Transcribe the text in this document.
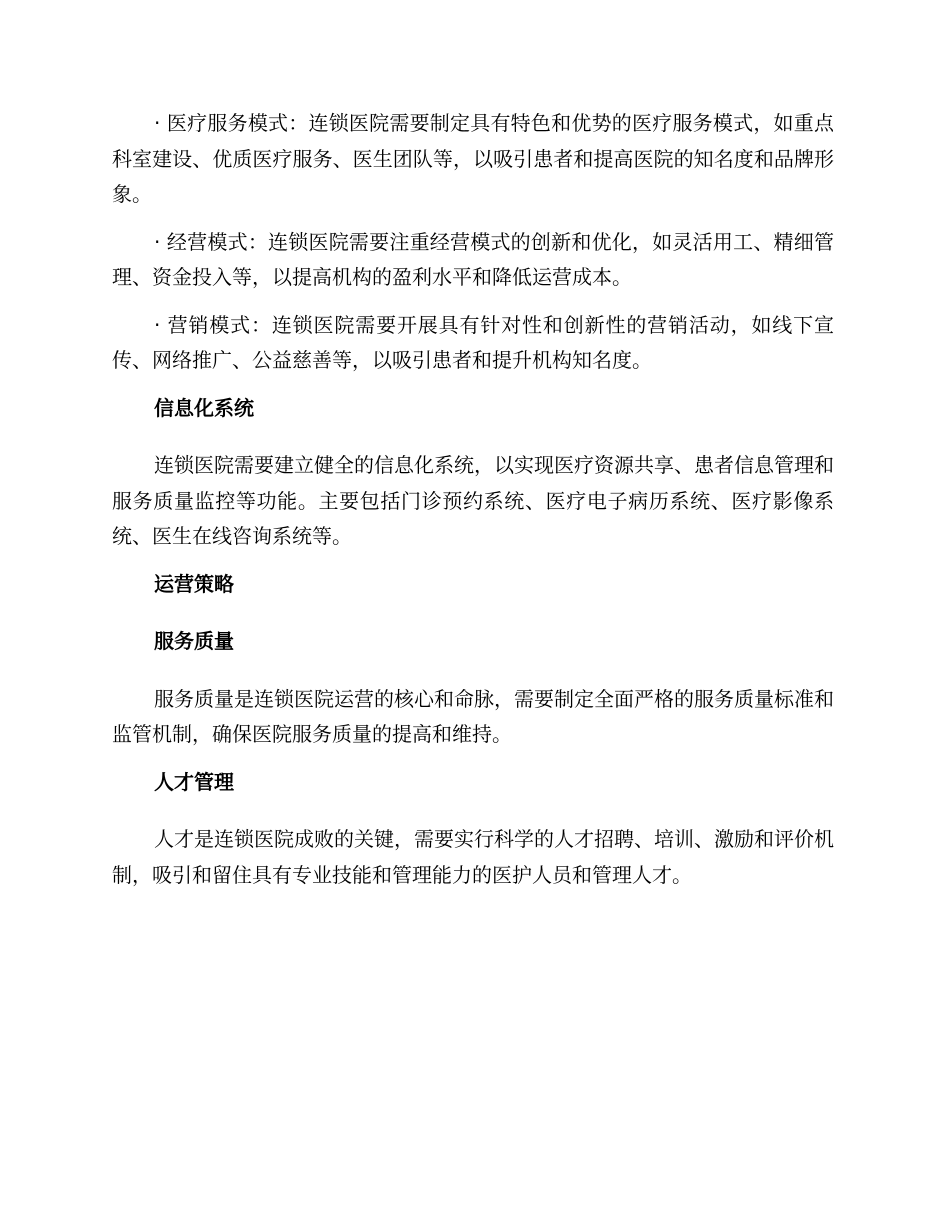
· 医疗服务模式：连锁医院需要制定具有特色和优势的医疗服务模式，如重点科室建设、优质医疗服务、医生团队等，以吸引患者和提高医院的知名度和品牌形象。

· 经营模式：连锁医院需要注重经营模式的创新和优化，如灵活用工、精细管理、资金投入等，以提高机构的盈利水平和降低运营成本。

· 营销模式：连锁医院需要开展具有针对性和创新性的营销活动，如线下宣传、网络推广、公益慈善等，以吸引患者和提升机构知名度。

信息化系统

连锁医院需要建立健全的信息化系统，以实现医疗资源共享、患者信息管理和服务质量监控等功能。主要包括门诊预约系统、医疗电子病历系统、医疗影像系统、医生在线咨询系统等。

运营策略

服务质量

服务质量是连锁医院运营的核心和命脉，需要制定全面严格的服务质量标准和监管机制，确保医院服务质量的提高和维持。

人才管理

人才是连锁医院成败的关键，需要实行科学的人才招聘、培训、激励和评价机制，吸引和留住具有专业技能和管理能力的医护人员和管理人才。
